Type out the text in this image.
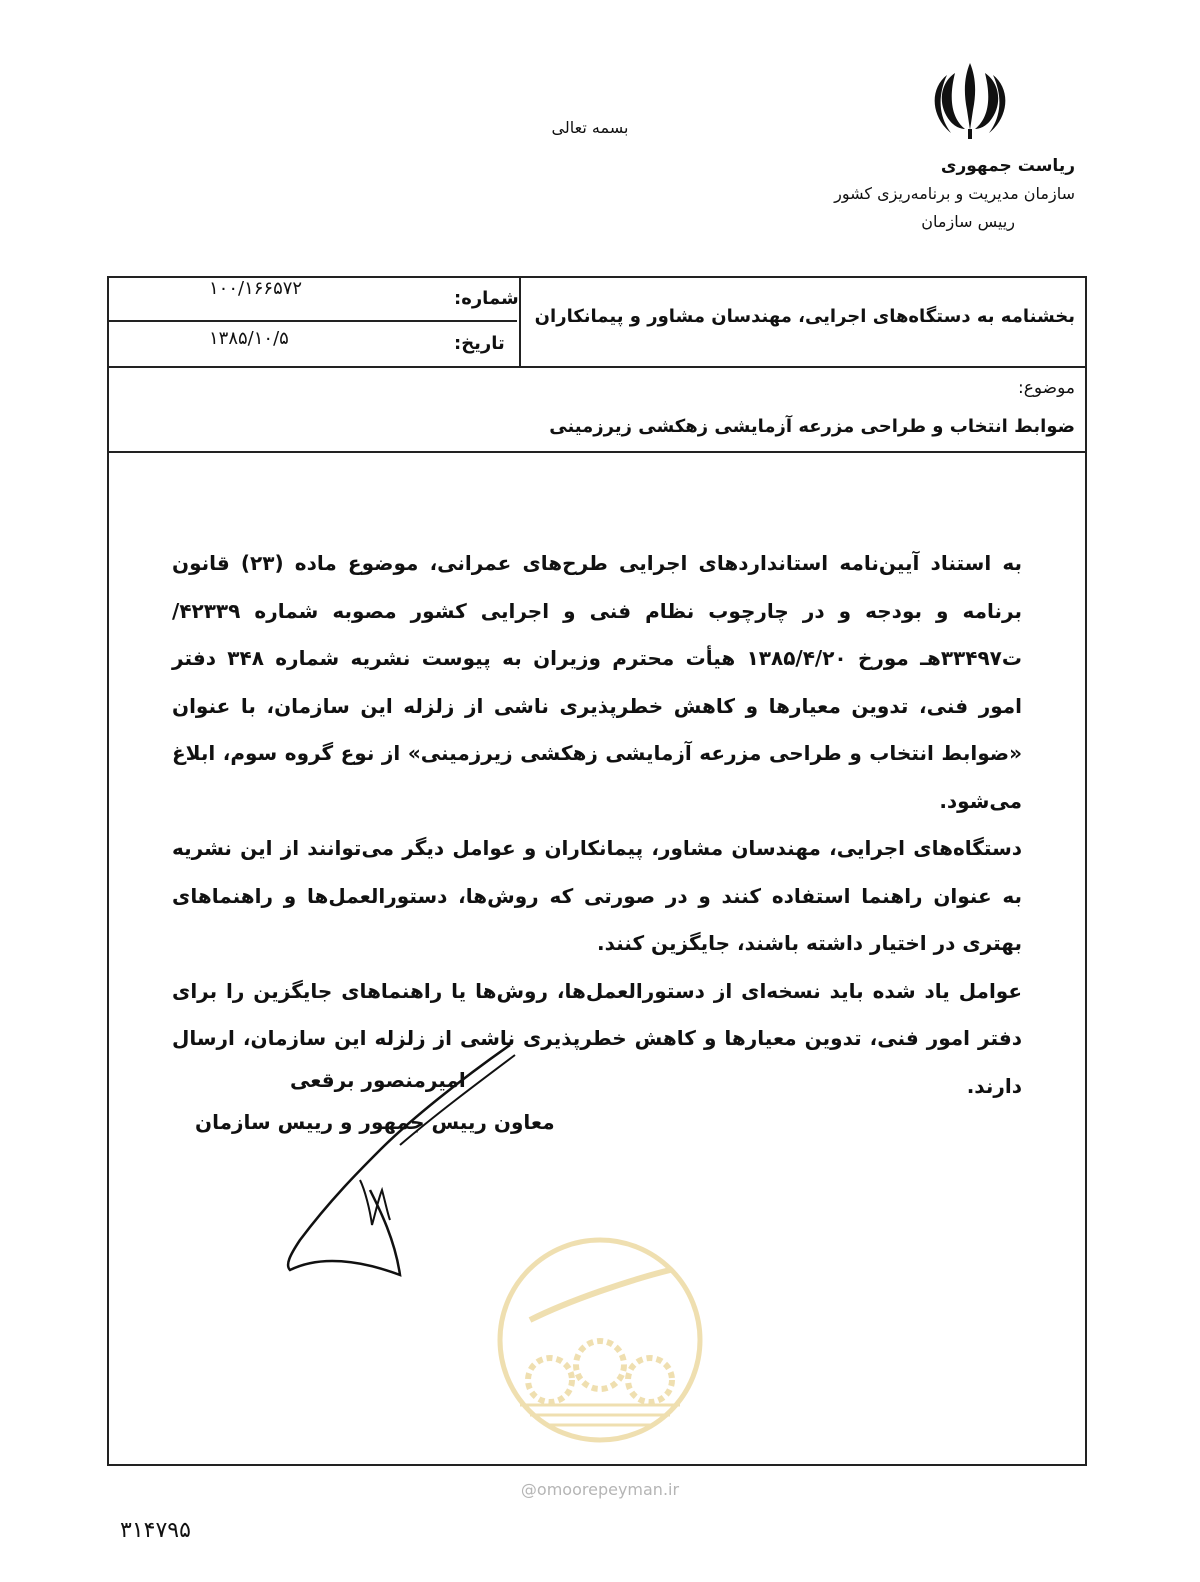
بسمه تعالی
ریاست جمهوری
سازمان مدیریت و برنامه‌ریزی کشور
رییس سازمان
بخشنامه به دستگاه‌های اجرایی، مهندسان مشاور و پیمانکاران
شماره:
۱۰۰/۱۶۶۵۷۲
تاریخ:
۱۳۸۵/۱۰/۵
موضوع:
ضوابط انتخاب و طراحی مزرعه آزمایشی زهکشی زیرزمینی

به استناد آیین‌نامه استانداردهای اجرایی طرح‌های عمرانی، موضوع ماده (۲۳) قانون برنامه و بودجه و در چارچوب نظام فنی و اجرایی کشور مصوبه شماره ۴۲۳۳۹/ت۳۳۴۹۷هـ مورخ ۱۳۸۵/۴/۲۰ هیأت محترم وزیران به پیوست نشریه شماره ۳۴۸ دفتر امور فنی، تدوین معیارها و کاهش خطرپذیری ناشی از زلزله این سازمان، با عنوان «ضوابط انتخاب و طراحی مزرعه آزمایشی زهکشی زیرزمینی» از نوع گروه سوم، ابلاغ می‌شود.

دستگاه‌های اجرایی، مهندسان مشاور، پیمانکاران و عوامل دیگر می‌توانند از این نشریه به عنوان راهنما استفاده کنند و در صورتی که روش‌ها، دستورالعمل‌ها و راهنماهای بهتری در اختیار داشته باشند، جایگزین کنند.

عوامل یاد شده باید نسخه‌ای از دستورالعمل‌ها، روش‌ها یا راهنماهای جایگزین را برای دفتر امور فنی، تدوین معیارها و کاهش خطرپذیری ناشی از زلزله این سازمان، ارسال دارند.

امیرمنصور برقعی
معاون رییس جمهور و رییس سازمان
@omoorepeyman.ir
۳۱۴۷۹۵
